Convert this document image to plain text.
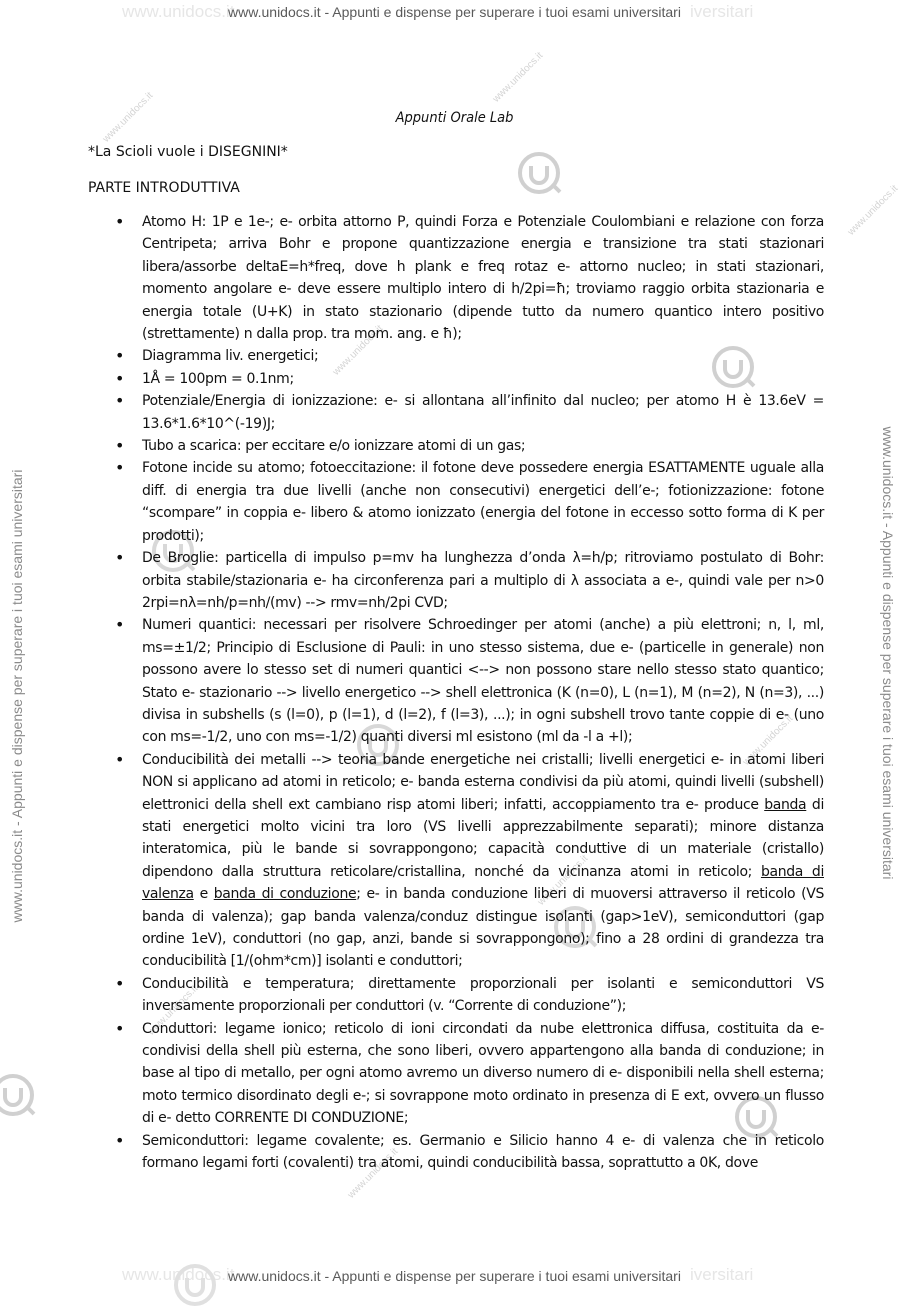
www.unidocs.it	iversitari
www.unidocs.it - Appunti e dispense per superare i tuoi esami universitari
www.unidocs.it	iversitari
www.unidocs.it - Appunti e dispense per superare i tuoi esami universitari
www.unidocs.it - Appunti e dispense per superare i tuoi esami universitari	www.unidocs.it - Appunti e dispense per superare i tuoi esami universitari
www.unidocs.it
www.unidocs.it
www.unidocs.it
www.unidocs.it
www.unidocs.it
www.unidocs.it
www.unidocs.it
www.unidocs.it
Appunti Orale Lab
*La Scioli vuole i DISEGNINI*
PARTE INTRODUTTIVA
• Atomo H: 1P e 1e-; e- orbita attorno P, quindi Forza e Potenziale Coulombiani e relazione con forza Centripeta; arriva Bohr e propone quantizzazione energia e transizione tra stati stazionari libera/assorbe deltaE=h*freq, dove h plank e freq rotaz e- attorno nucleo; in stati stazionari, momento angolare e- deve essere multiplo intero di h/2pi=ħ; troviamo raggio orbita stazionaria e energia totale (U+K) in stato stazionario (dipende tutto da numero quantico intero positivo (strettamente) n dalla prop. tra mom. ang. e ħ);
• Diagramma liv. energetici;
• 1Å = 100pm = 0.1nm;
• Potenziale/Energia di ionizzazione: e- si allontana all’infinito dal nucleo; per atomo H è 13.6eV = 13.6*1.6*10^(-19)J;
• Tubo a scarica: per eccitare e/o ionizzare atomi di un gas;
• Fotone incide su atomo; fotoeccitazione: il fotone deve possedere energia ESATTAMENTE uguale alla diff. di energia tra due livelli (anche non consecutivi) energetici dell’e-; fotionizzazione: fotone “scompare” in coppia e- libero & atomo ionizzato (energia del fotone in eccesso sotto forma di K per prodotti);
• De Broglie: particella di impulso p=mv ha lunghezza d’onda λ=h/p; ritroviamo postulato di Bohr: orbita stabile/stazionaria e- ha circonferenza pari a multiplo di λ associata a e-, quindi vale per n>0 2rpi=nλ=nh/p=nh/(mv) --> rmv=nh/2pi CVD;
• Numeri quantici: necessari per risolvere Schroedinger per atomi (anche) a più elettroni; n, l, ml, ms=±1/2; Principio di Esclusione di Pauli: in uno stesso sistema, due e- (particelle in generale) non possono avere lo stesso set di numeri quantici <--> non possono stare nello stesso stato quantico; Stato e- stazionario --> livello energetico --> shell elettronica (K (n=0), L (n=1), M (n=2), N (n=3), ...) divisa in subshells (s (l=0), p (l=1), d (l=2), f (l=3), ...); in ogni subshell trovo tante coppie di e- (uno con ms=-1/2, uno con ms=-1/2) quanti diversi ml esistono (ml da -l a +l);
• Conducibilità dei metalli --> teoria bande energetiche nei cristalli; livelli energetici e- in atomi liberi NON si applicano ad atomi in reticolo; e- banda esterna condivisi da più atomi, quindi livelli (subshell) elettronici della shell ext cambiano risp atomi liberi; infatti, accoppiamento tra e- produce banda di stati energetici molto vicini tra loro (VS livelli apprezzabilmente separati); minore distanza interatomica, più le bande si sovrappongono; capacità conduttive di un materiale (cristallo) dipendono dalla struttura reticolare/cristallina, nonché da vicinanza atomi in reticolo; banda di valenza e banda di conduzione; e- in banda conduzione liberi di muoversi attraverso il reticolo (VS banda di valenza); gap banda valenza/conduz distingue isolanti (gap>1eV), semiconduttori (gap ordine 1eV), conduttori (no gap, anzi, bande si sovrappongono); fino a 28 ordini di grandezza tra conducibilità [1/(ohm*cm)] isolanti e conduttori;
• Conducibilità e temperatura; direttamente proporzionali per isolanti e semiconduttori VS inversamente proporzionali per conduttori (v. “Corrente di conduzione”);
• Conduttori: legame ionico; reticolo di ioni circondati da nube elettronica diffusa, costituita da e- condivisi della shell più esterna, che sono liberi, ovvero appartengono alla banda di conduzione; in base al tipo di metallo, per ogni atomo avremo un diverso numero di e- disponibili nella shell esterna; moto termico disordinato degli e-; si sovrappone moto ordinato in presenza di E ext, ovvero un flusso di e- detto CORRENTE DI CONDUZIONE;
• Semiconduttori: legame covalente; es. Germanio e Silicio hanno 4 e- di valenza che in reticolo formano legami forti (covalenti) tra atomi, quindi conducibilità bassa, soprattutto a 0K, dove
